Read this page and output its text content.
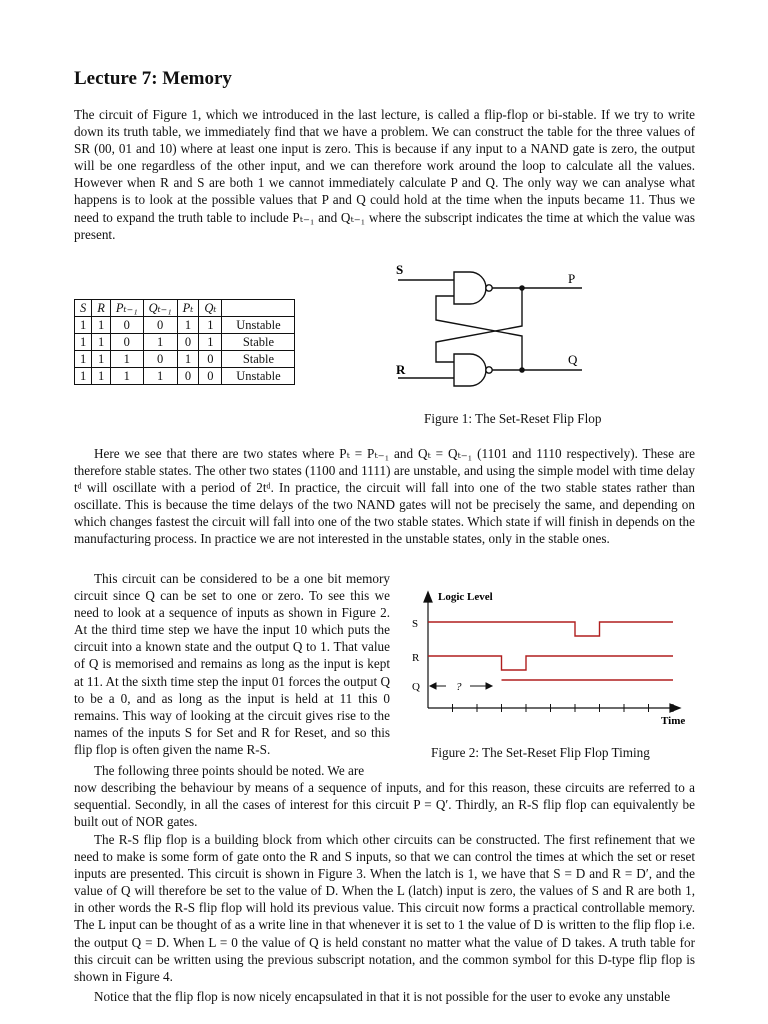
Lecture 7: Memory

The circuit of Figure 1, which we introduced in the last lecture, is called a flip-flop or bi-stable. If we try to write down its truth table, we immediately find that we have a problem. We can construct the table for the three values of SR (00, 01 and 10) where at least one input is zero. This is because if any input to a NAND gate is zero, the output will be one regardless of the other input, and we can therefore work around the loop to calculate all the values. However when R and S are both 1 we cannot immediately calculate P and Q. The only way we can analyse what happens is to look at the possible values that P and Q could hold at the time when the inputs became 11. Thus we need to expand the truth table to include Pₜ₋₁ and Qₜ₋₁ where the subscript indicates the time at which the value was present.

S	R	Pₜ₋₁	Qₜ₋₁	Pₜ	Qₜ	
1	1	0	0	1	1	Unstable
1	1	0	1	0	1	Stable
1	1	1	0	1	0	Stable
1	1	1	1	0	0	Unstable
S
R
P
Q
Figure 1: The Set-Reset Flip Flop

Here we see that there are two states where Pₜ = Pₜ₋₁ and Qₜ = Qₜ₋₁ (1101 and 1110 respectively). These are therefore stable states. The other two states (1100 and 1111) are unstable, and using the simple model with time delay tᵈ will oscillate with a period of 2tᵈ. In practice, the circuit will fall into one of the two stable states rather than oscillate. This is because the time delays of the two NAND gates will not be precisely the same, and depending on which changes fastest the circuit will fall into one of the two stable states. Which state if will finish in depends on the manufacturing process. In practice we are not interested in the unstable states, only in the stable ones.

This circuit can be considered to be a one bit memory circuit since Q can be set to one or zero. To see this we need to look at a sequence of inputs as shown in Figure 2. At the third time step we have the input 10 which puts the circuit into a known state and the output Q to 1. That value of Q is memorised and remains as long as the input is kept at 11. At the sixth time step the input 01 forces the output Q to be a 0, and as long as the input is held at 11 this 0 remains. This way of looking at the circuit gives rise to the names of the inputs S for Set and R for Reset, and so this flip flop is often given the name R-S.

Logic Level
Time
S
R
Q	?
Figure 2: The Set-Reset Flip Flop Timing

The following three points should be noted. We are

now describing the behaviour by means of a sequence of inputs, and for this reason, these circuits are referred to a sequential. Secondly, in all the cases of interest for this circuit P = Q′. Thirdly, an R-S flip flop can equivalently be built out of NOR gates.

The R-S flip flop is a building block from which other circuits can be constructed. The first refinement that we need to make is some form of gate onto the R and S inputs, so that we can control the times at which the set or reset inputs are presented. This circuit is shown in Figure 3. When the latch is 1, we have that S = D and R = D′, and the value of Q will therefore be set to the value of D. When the L (latch) input is zero, the values of S and R are both 1, in other words the R-S flip flop will hold its previous value. This circuit now forms a practical controllable memory. The L input can be thought of as a write line in that whenever it is set to 1 the value of D is written to the flip flop i.e. the output Q = D. When L = 0 the value of Q is held constant no matter what the value of D takes. A truth table for this circuit can be written using the previous subscript notation, and the common symbol for this D-type flip flop is shown in Figure 4.

Notice that the flip flop is now nicely encapsulated in that it is not possible for the user to evoke any unstable
